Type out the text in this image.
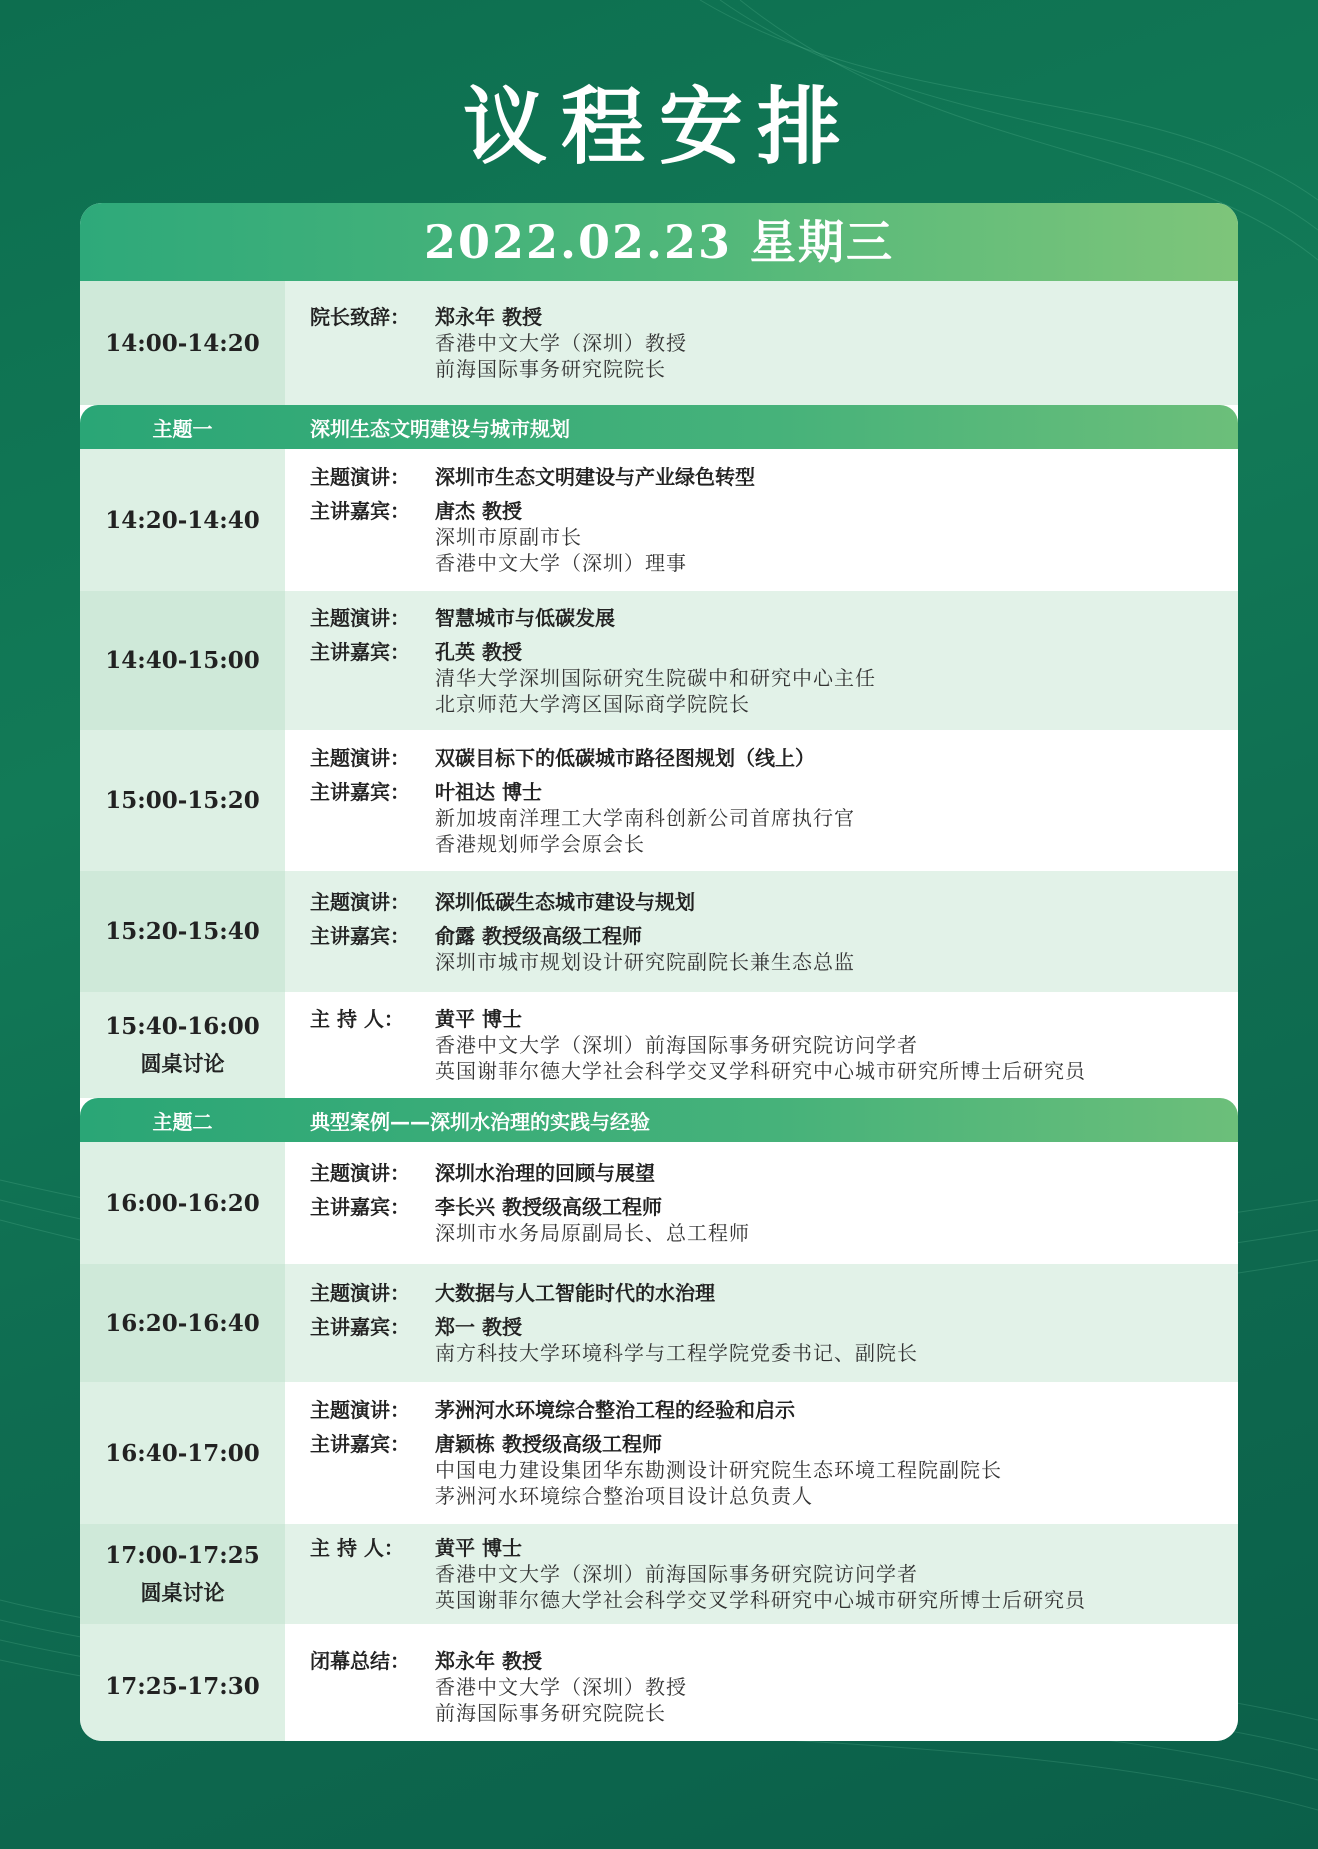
议程安排
2022.02.23 星期三
14:00-14:20
院长致辞：	郑永年 教授
香港中文大学（深圳）教授
前海国际事务研究院院长
主题一	深圳生态文明建设与城市规划
14:20-14:40
主题演讲：	深圳市生态文明建设与产业绿色转型
主讲嘉宾：	唐杰 教授
深圳市原副市长
香港中文大学（深圳）理事
14:40-15:00
主题演讲：	智慧城市与低碳发展
主讲嘉宾：	孔英 教授
清华大学深圳国际研究生院碳中和研究中心主任
北京师范大学湾区国际商学院院长
15:00-15:20
主题演讲：	双碳目标下的低碳城市路径图规划（线上）
主讲嘉宾：	叶祖达 博士
新加坡南洋理工大学南科创新公司首席执行官
香港规划师学会原会长
15:20-15:40
主题演讲：	深圳低碳生态城市建设与规划
主讲嘉宾：	俞露 教授级高级工程师
深圳市城市规划设计研究院副院长兼生态总监
15:40-16:00
圆桌讨论
主 持 人：	黄平 博士
香港中文大学（深圳）前海国际事务研究院访问学者
英国谢菲尔德大学社会科学交叉学科研究中心城市研究所博士后研究员
主题二	典型案例——深圳水治理的实践与经验
16:00-16:20
主题演讲：	深圳水治理的回顾与展望
主讲嘉宾：	李长兴 教授级高级工程师
深圳市水务局原副局长、总工程师
16:20-16:40
主题演讲：	大数据与人工智能时代的水治理
主讲嘉宾：	郑一 教授
南方科技大学环境科学与工程学院党委书记、副院长
16:40-17:00
主题演讲：	茅洲河水环境综合整治工程的经验和启示
主讲嘉宾：	唐颖栋 教授级高级工程师
中国电力建设集团华东勘测设计研究院生态环境工程院副院长
茅洲河水环境综合整治项目设计总负责人
17:00-17:25
圆桌讨论
主 持 人：	黄平 博士
香港中文大学（深圳）前海国际事务研究院访问学者
英国谢菲尔德大学社会科学交叉学科研究中心城市研究所博士后研究员
17:25-17:30
闭幕总结：	郑永年 教授
香港中文大学（深圳）教授
前海国际事务研究院院长
